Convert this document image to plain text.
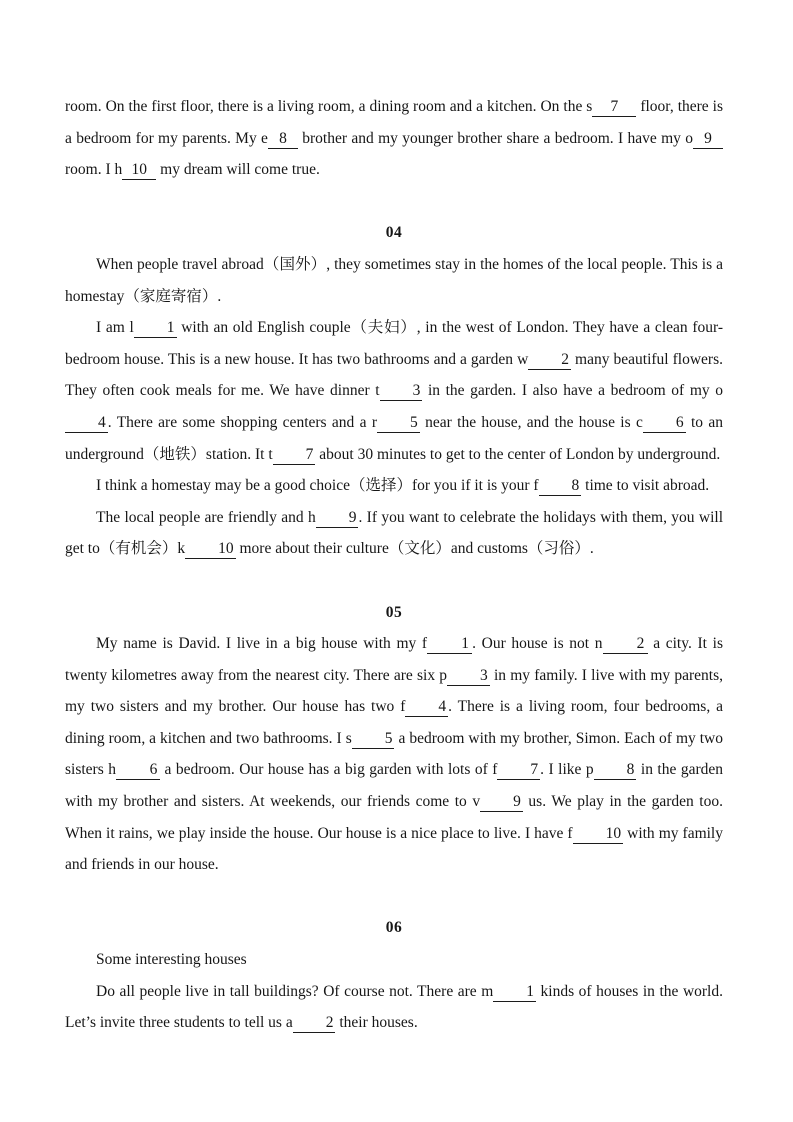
room. On the first floor, there is a living room, a dining room and a kitchen. On the s 7 floor, there is a bedroom for my parents. My e 8 brother and my younger brother share a bedroom. I have my o 9 room. I h 10 my dream will come true.

04

When people travel abroad（国外）, they sometimes stay in the homes of the local people. This is a homestay（家庭寄宿）.

I am l 1 with an old English couple（夫妇）, in the west of London. They have a clean four-bedroom house. This is a new house. It has two bathrooms and a garden w 2 many beautiful flowers. They often cook meals for me. We have dinner t 3 in the garden. I also have a bedroom of my o4 . There are some shopping centers and a r 5 near the house, and the house is c 6 to an underground（地铁）station. It t 7 about 30 minutes to get to the center of London by underground.

I think a homestay may be a good choice（选择）for you if it is your f 8 time to visit abroad.

The local people are friendly and h 9 . If you want to celebrate the holidays with them, you will get to（有机会）k 10 more about their culture（文化）and customs（习俗）.

05

My name is David. I live in a big house with my f 1 . Our house is not n 2 a city. It is twenty kilometres away from the nearest city. There are six p 3 in my family. I live with my parents, my two sisters and my brother. Our house has two f 4 . There is a living room, four bedrooms, a dining room, a kitchen and two bathrooms. I s 5 a bedroom with my brother, Simon. Each of my two sisters h 6 a bedroom. Our house has a big garden with lots of f 7 . I like p 8 in the garden with my brother and sisters. At weekends, our friends come to v 9 us. We play in the garden too. When it rains, we play inside the house. Our house is a nice place to live. I have f 10 with my family and friends in our house.

06

Some interesting houses

Do all people live in tall buildings? Of course not. There are m 1 kinds of houses in the world. Let’s invite three students to tell us a 2 their houses.
